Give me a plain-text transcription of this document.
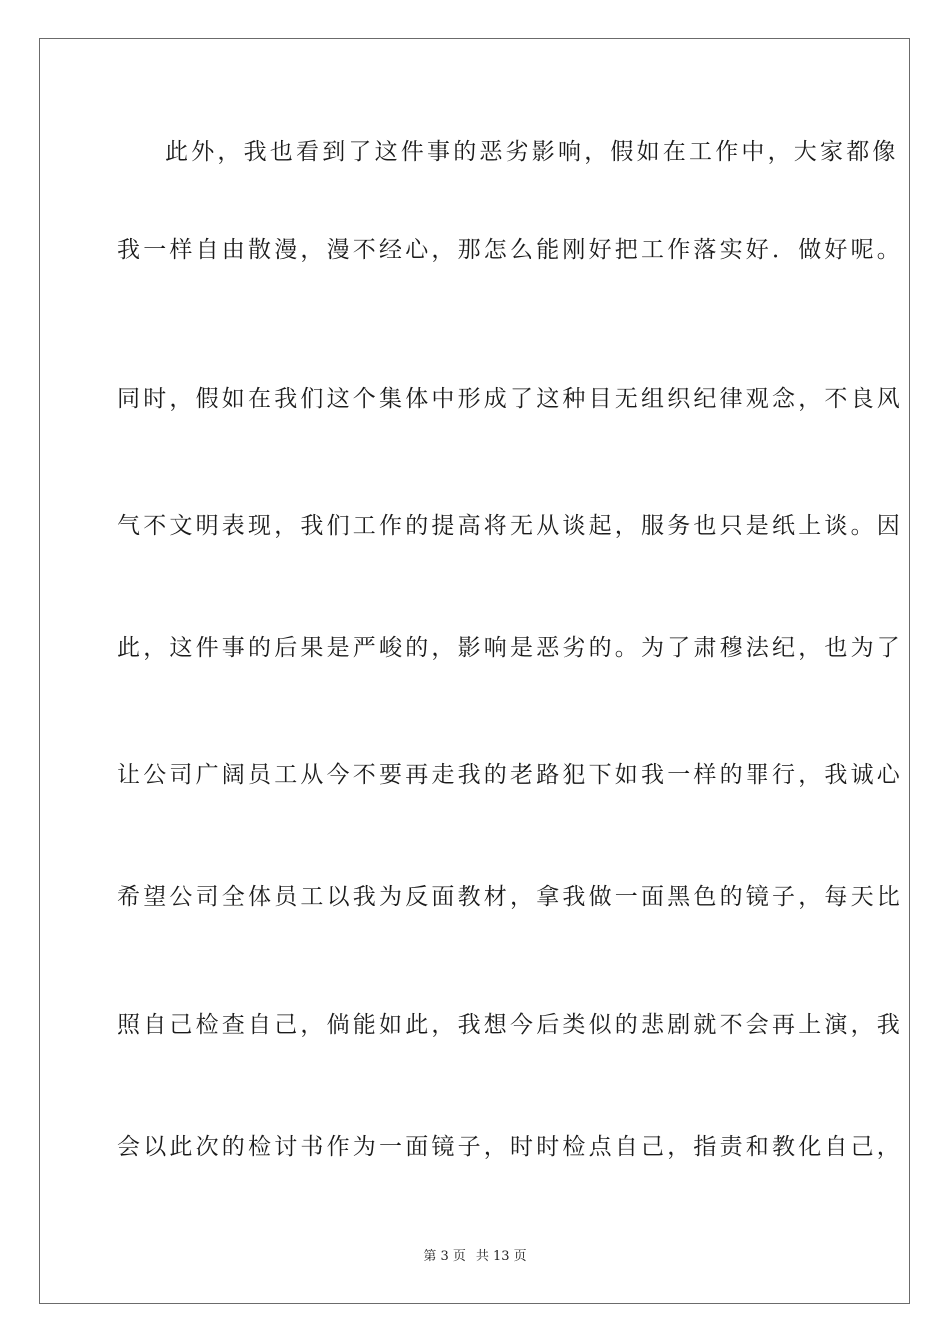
此外，我也看到了这件事的恶劣影响，假如在工作中，大家都像
我一样自由散漫，漫不经心，那怎么能刚好把工作落实好．做好呢。
同时，假如在我们这个集体中形成了这种目无组织纪律观念，不良风
气不文明表现，我们工作的提高将无从谈起，服务也只是纸上谈。因
此，这件事的后果是严峻的，影响是恶劣的。为了肃穆法纪，也为了
让公司广阔员工从今不要再走我的老路犯下如我一样的罪行，我诚心
希望公司全体员工以我为反面教材，拿我做一面黑色的镜子，每天比
照自己检查自己，倘能如此，我想今后类似的悲剧就不会再上演，我
会以此次的检讨书作为一面镜子，时时检点自己，指责和教化自己，
第 3 页 共 13 页
